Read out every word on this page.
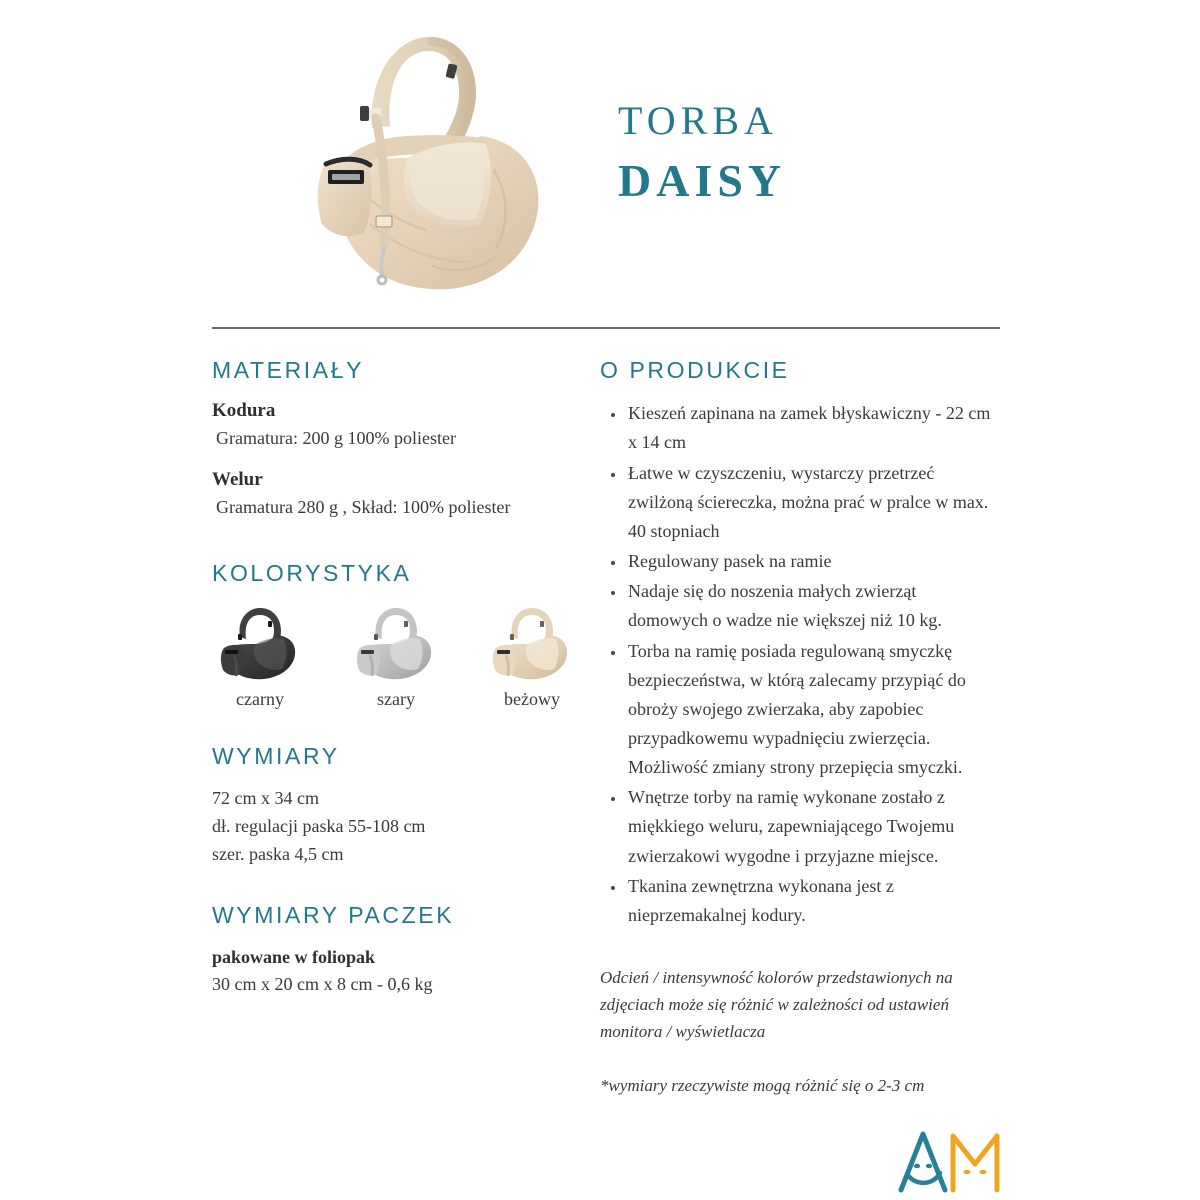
TORBA
DAISY
MATERIAŁY

Kodura

Gramatura: 200 g 100% poliester

Welur

Gramatura 280 g , Skład: 100% poliester

KOLORYSTYKA
czarny	szary	beżowy
WYMIARY
72 cm x 34 cm
dł. regulacji paska 55-108 cm
szer. paska 4,5 cm
WYMIARY PACZEK
pakowane w foliopak
30 cm x 20 cm x 8 cm - 0,6 kg
O PRODUKCIE
Kieszeń zapinana na zamek błyskawiczny - 22 cm x 14 cm
Łatwe w czyszczeniu, wystarczy przetrzeć zwilżoną ściereczka, można prać w pralce w max. 40 stopniach
Regulowany pasek na ramie
Nadaje się do noszenia małych zwierząt domowych o wadze nie większej niż 10 kg.
Torba na ramię posiada regulowaną smyczkę bezpieczeństwa, w którą zalecamy przypiąć do obroży swojego zwierzaka, aby zapobiec przypadkowemu wypadnięciu zwierzęcia. Możliwość zmiany strony przepięcia smyczki.
Wnętrze torby na ramię wykonane zostało z miękkiego weluru, zapewniającego Twojemu zwierzakowi wygodne i przyjazne miejsce.
Tkanina zewnętrzna wykonana jest z nieprzemakalnej kodury.

Odcień / intensywność kolorów przedstawionych na zdjęciach może się różnić w zależności od ustawień monitora / wyświetlacza

*wymiary rzeczywiste mogą różnić się o 2-3 cm
